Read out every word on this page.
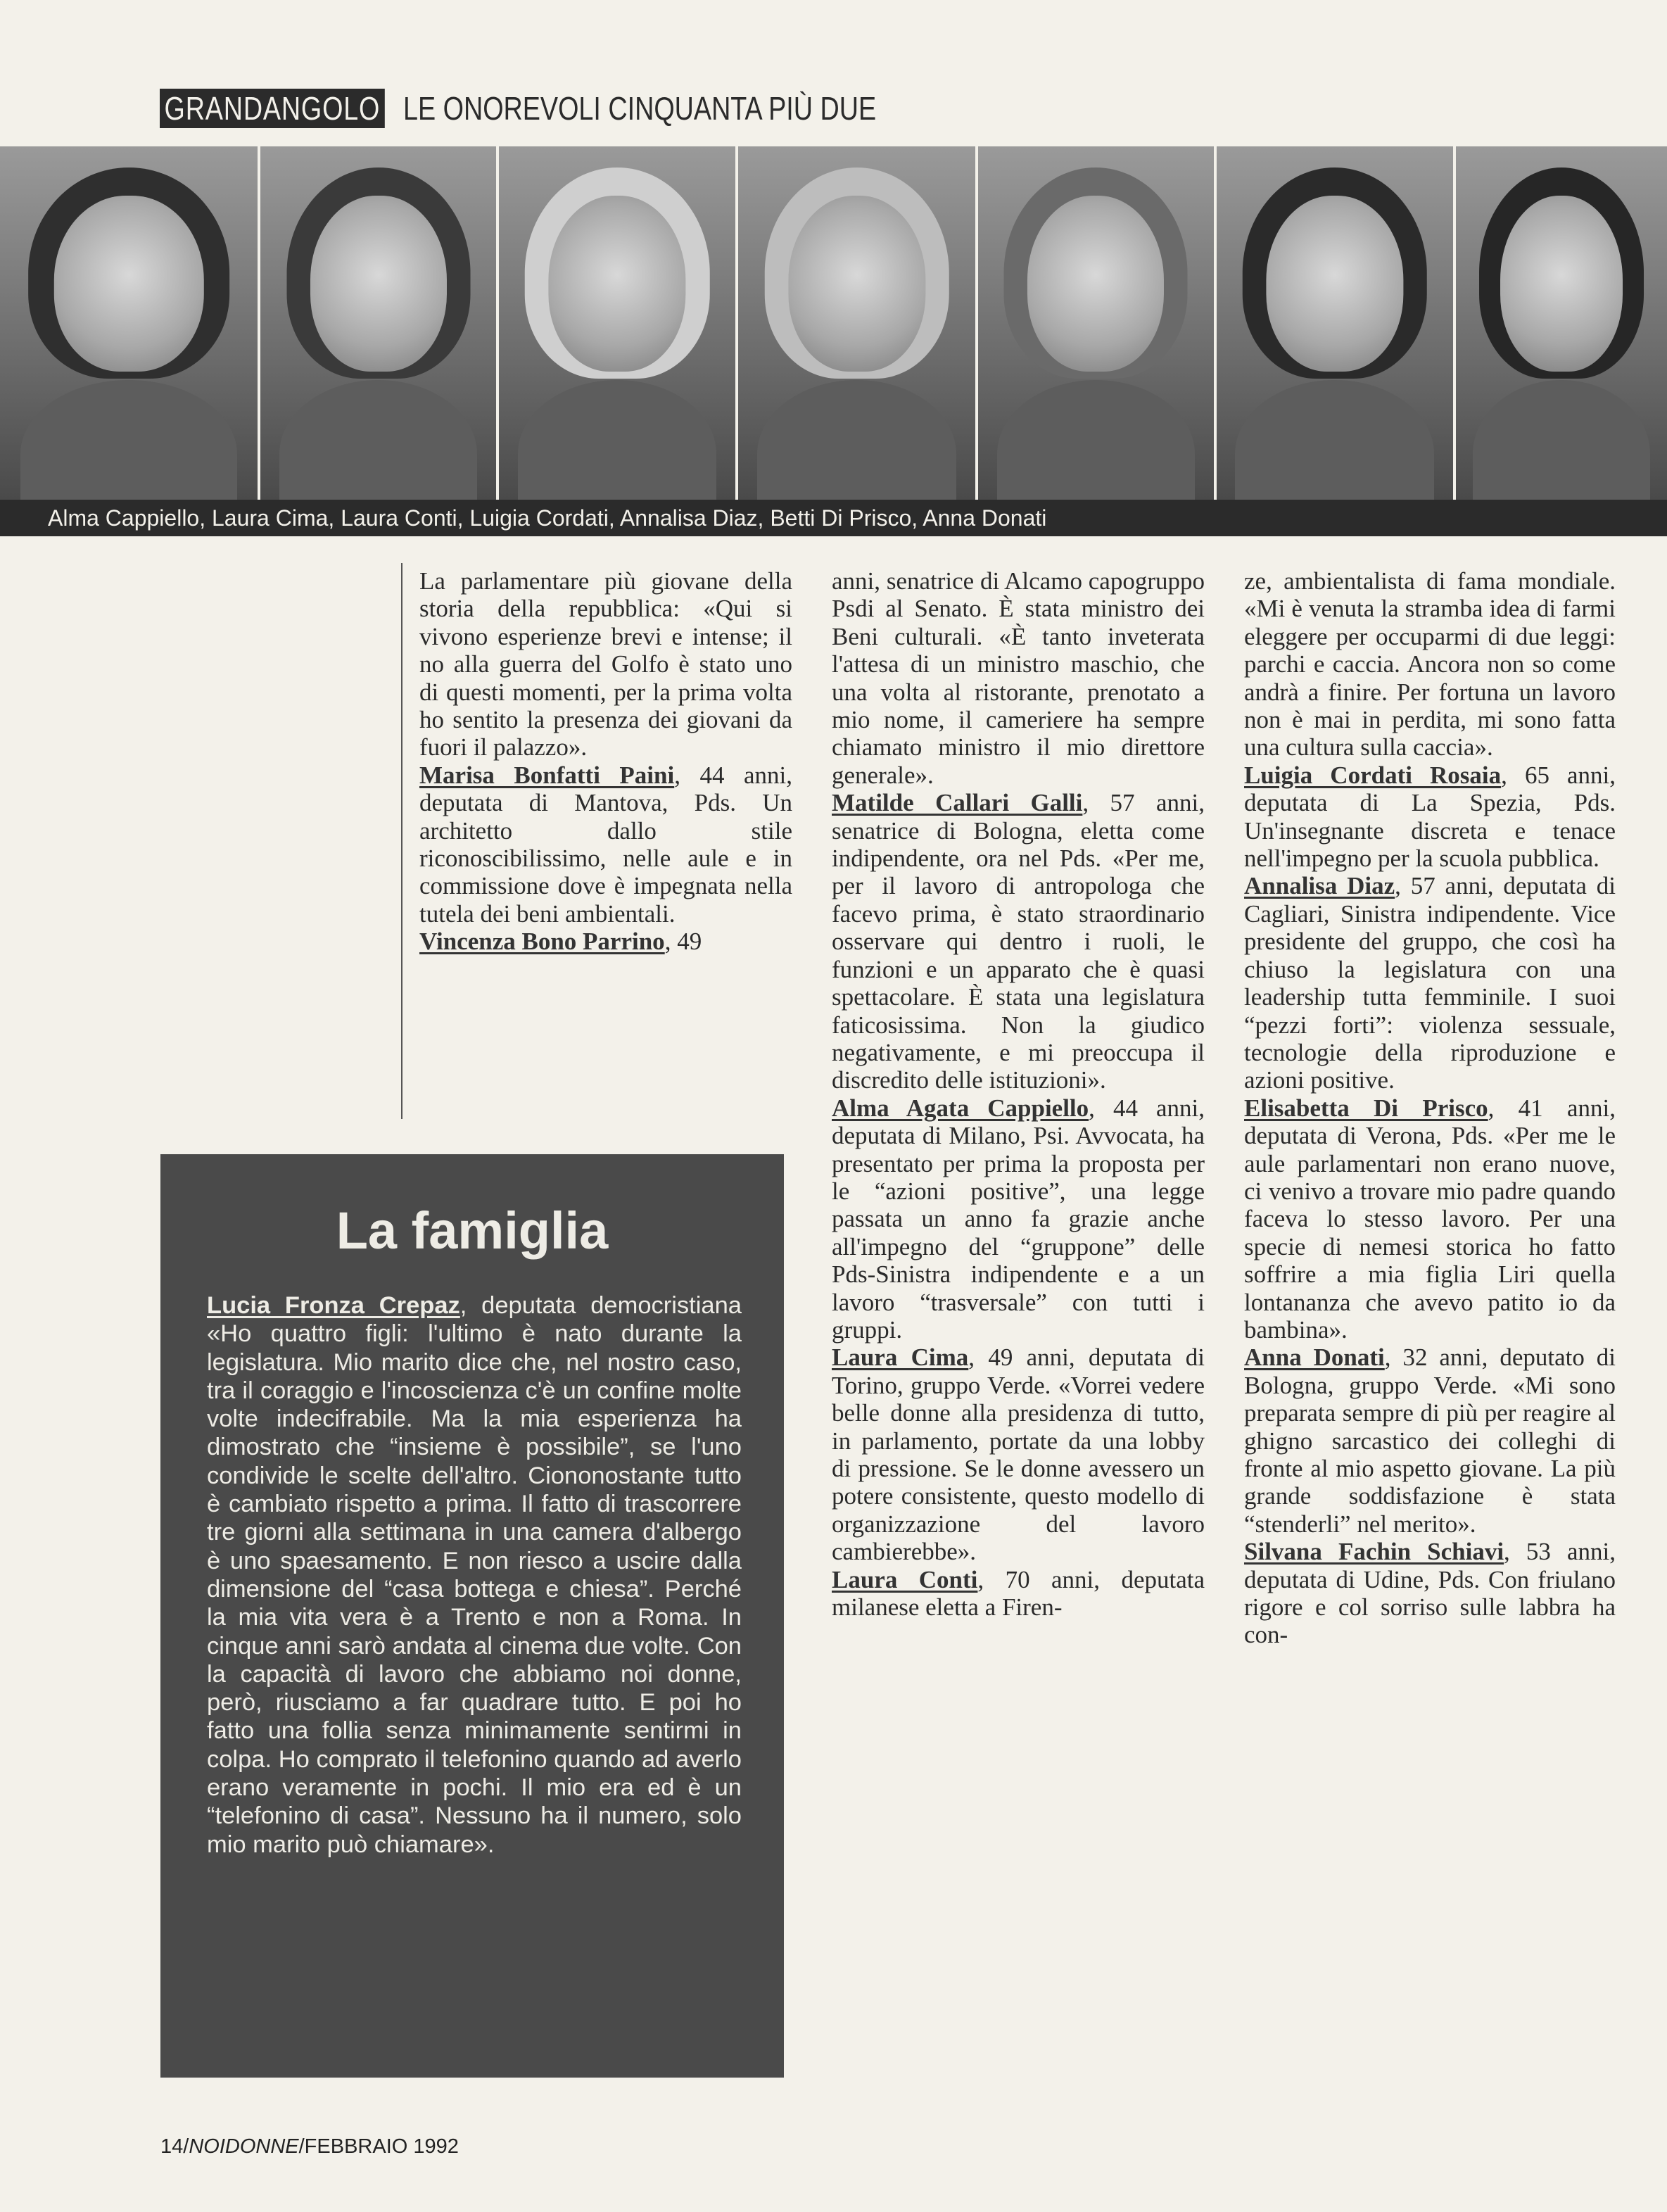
GRANDANGOLO LE ONOREVOLI CINQUANTA PIÙ DUE
Alma Cappiello, Laura Cima, Laura Conti, Luigia Cordati, Annalisa Diaz, Betti Di Prisco, Anna Donati

La parlamentare più giovane della storia della repubblica: «Qui si vivono esperienze brevi e intense; il no alla guerra del Golfo è stato uno di questi momenti, per la prima volta ho sentito la presenza dei giovani da fuori il palazzo».

Marisa Bonfatti Paini, 44 anni, deputata di Mantova, Pds. Un architetto dallo stile riconoscibilissimo, nelle aule e in commissione dove è impegnata nella tutela dei beni ambientali.

Vincenza Bono Parrino, 49

anni, senatrice di Alcamo capogruppo Psdi al Senato. È stata ministro dei Beni culturali. «È tanto inveterata l'attesa di un ministro maschio, che una volta al ristorante, prenotato a mio nome, il cameriere ha sempre chiamato ministro il mio direttore generale».

Matilde Callari Galli, 57 anni, senatrice di Bologna, eletta come indipendente, ora nel Pds. «Per me, per il lavoro di antropologa che facevo prima, è stato straordinario osservare qui dentro i ruoli, le funzioni e un apparato che è quasi spettacolare. È stata una legislatura faticosissima. Non la giudico negativamente, e mi preoccupa il discredito delle istituzioni».

Alma Agata Cappiello, 44 anni, deputata di Milano, Psi. Avvocata, ha presentato per prima la proposta per le “azioni positive”, una legge passata un anno fa grazie anche all'impegno del “gruppone” delle Pds-Sinistra indipendente e a un lavoro “trasversale” con tutti i gruppi.

Laura Cima, 49 anni, deputata di Torino, gruppo Verde. «Vorrei vedere belle donne alla presidenza di tutto, in parlamento, portate da una lobby di pressione. Se le donne avessero un potere consistente, questo modello di organizzazione del lavoro cambierebbe».

Laura Conti, 70 anni, deputata milanese eletta a Firen-

ze, ambientalista di fama mondiale. «Mi è venuta la stramba idea di farmi eleggere per occuparmi di due leggi: parchi e caccia. Ancora non so come andrà a finire. Per fortuna un lavoro non è mai in perdita, mi sono fatta una cultura sulla caccia».

Luigia Cordati Rosaia, 65 anni, deputata di La Spezia, Pds. Un'insegnante discreta e tenace nell'impegno per la scuola pubblica.

Annalisa Diaz, 57 anni, deputata di Cagliari, Sinistra indipendente. Vice presidente del gruppo, che così ha chiuso la legislatura con una leadership tutta femminile. I suoi “pezzi forti”: violenza sessuale, tecnologie della riproduzione e azioni positive.

Elisabetta Di Prisco, 41 anni, deputata di Verona, Pds. «Per me le aule parlamentari non erano nuove, ci venivo a trovare mio padre quando faceva lo stesso lavoro. Per una specie di nemesi storica ho fatto soffrire a mia figlia Liri quella lontananza che avevo patito io da bambina».

Anna Donati, 32 anni, deputato di Bologna, gruppo Verde. «Mi sono preparata sempre di più per reagire al ghigno sarcastico dei colleghi di fronte al mio aspetto giovane. La più grande soddisfazione è stata “stenderli” nel merito».

Silvana Fachin Schiavi, 53 anni, deputata di Udine, Pds. Con friulano rigore e col sorriso sulle labbra ha con-

La famiglia
Lucia Fronza Crepaz, deputata democristiana «Ho quattro figli: l'ultimo è nato durante la legislatura. Mio marito dice che, nel nostro caso, tra il coraggio e l'incoscienza c'è un confine molte volte indecifrabile. Ma la mia esperienza ha dimostrato che “insieme è possibile”, se l'uno condivide le scelte dell'altro. Ciononostante tutto è cambiato rispetto a prima. Il fatto di trascorrere tre giorni alla settimana in una camera d'albergo è uno spaesamento. E non riesco a uscire dalla dimensione del “casa bottega e chiesa”. Perché la mia vita vera è a Trento e non a Roma. In cinque anni sarò andata al cinema due volte. Con la capacità di lavoro che abbiamo noi donne, però, riusciamo a far quadrare tutto. E poi ho fatto una follia senza minimamente sentirmi in colpa. Ho comprato il telefonino quando ad averlo erano veramente in pochi. Il mio era ed è un “telefonino di casa”. Nessuno ha il numero, solo mio marito può chiamare».
14/NOIDONNE/FEBBRAIO 1992
